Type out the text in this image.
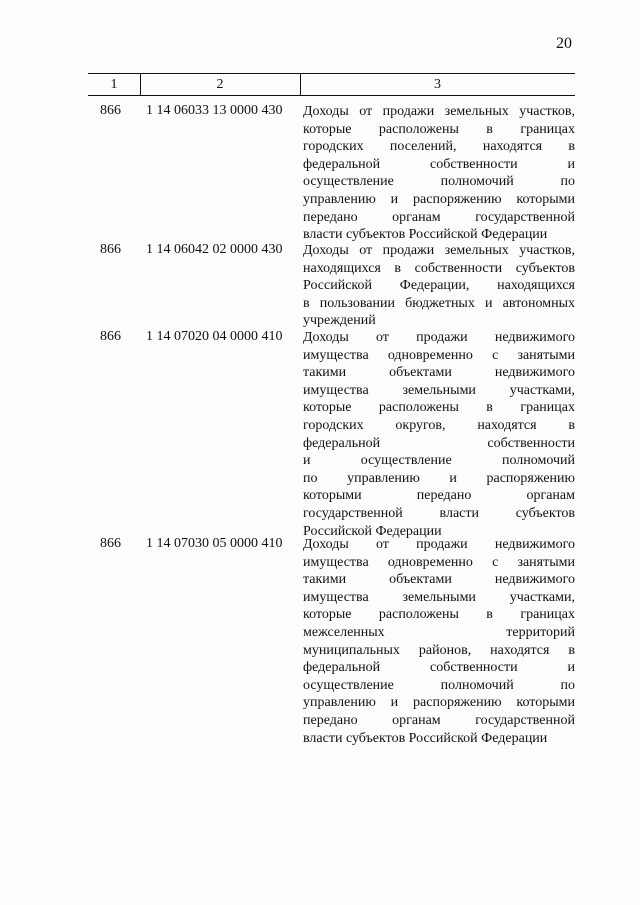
20
1	2	3
866 1 14 06033 13 0000 430 Доходы от продажи земельных участков,
которые расположены в границах
городских поселений, находятся в
федеральной собственности и
осуществление полномочий по
управлению и распоряжению которыми
передано органам государственной
власти субъектов Российской Федерации
866 1 14 06042 02 0000 430 Доходы от продажи земельных участков,
находящихся в собственности субъектов
Российской Федерации, находящихся
в пользовании бюджетных и автономных
учреждений
866 1 14 07020 04 0000 410 Доходы от продажи недвижимого
имущества одновременно с занятыми
такими объектами недвижимого
имущества земельными участками,
которые расположены в границах
городских округов, находятся в
федеральной собственности
и осуществление полномочий
по управлению и распоряжению
которыми передано органам
государственной власти субъектов
Российской Федерации
866 1 14 07030 05 0000 410 Доходы от продажи недвижимого
имущества одновременно с занятыми
такими объектами недвижимого
имущества земельными участками,
которые расположены в границах
межселенных территорий
муниципальных районов, находятся в
федеральной собственности и
осуществление полномочий по
управлению и распоряжению которыми
передано органам государственной
власти субъектов Российской Федерации
